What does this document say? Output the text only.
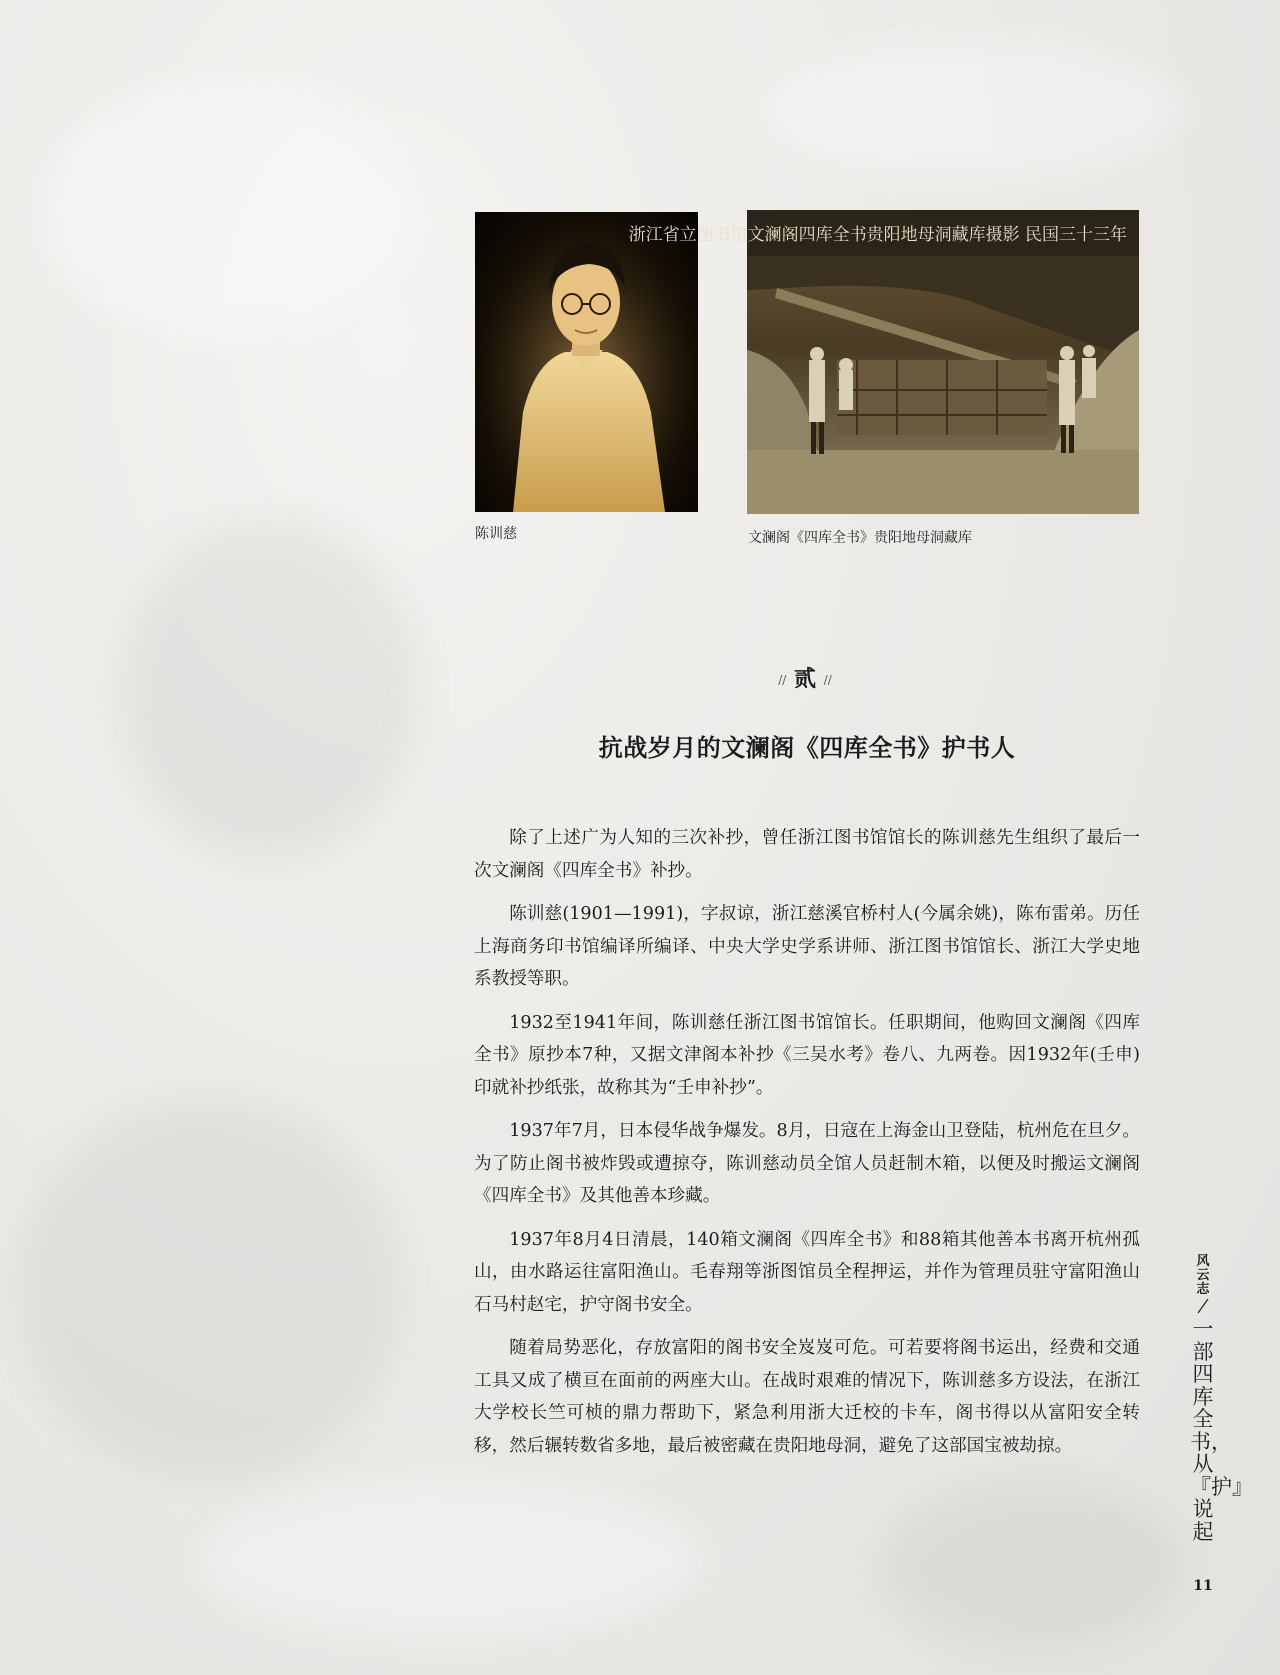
陈训慈
浙江省立图书馆文澜阁四库全书贵阳地母洞藏库摄影 民国三十三年
文澜阁《四库全书》贵阳地母洞藏库
// 贰 //
抗战岁月的文澜阁《四库全书》护书人

除了上述广为人知的三次补抄，曾任浙江图书馆馆长的陈训慈先生组织了最后一次文澜阁《四库全书》补抄。

陈训慈(1901—1991)，字叔谅，浙江慈溪官桥村人(今属余姚)，陈布雷弟。历任上海商务印书馆编译所编译、中央大学史学系讲师、浙江图书馆馆长、浙江大学史地系教授等职。

1932至1941年间，陈训慈任浙江图书馆馆长。任职期间，他购回文澜阁《四库全书》原抄本7种，又据文津阁本补抄《三吴水考》卷八、九两卷。因1932年(壬申)印就补抄纸张，故称其为“壬申补抄”。

1937年7月，日本侵华战争爆发。8月，日寇在上海金山卫登陆，杭州危在旦夕。为了防止阁书被炸毁或遭掠夺，陈训慈动员全馆人员赶制木箱，以便及时搬运文澜阁《四库全书》及其他善本珍藏。

1937年8月4日清晨，140箱文澜阁《四库全书》和88箱其他善本书离开杭州孤山，由水路运往富阳渔山。毛春翔等浙图馆员全程押运，并作为管理员驻守富阳渔山石马村赵宅，护守阁书安全。

随着局势恶化，存放富阳的阁书安全岌岌可危。可若要将阁书运出，经费和交通工具又成了横亘在面前的两座大山。在战时艰难的情况下，陈训慈多方设法，在浙江大学校长竺可桢的鼎力帮助下，紧急利用浙大迁校的卡车，阁书得以从富阳安全转移，然后辗转数省多地，最后被密藏在贵阳地母洞，避免了这部国宝被劫掠。

风云志
一部四库全书，从『护』说起
11
